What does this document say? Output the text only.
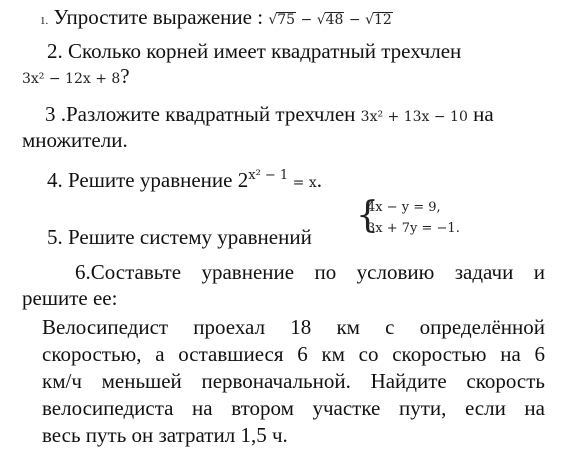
1. Упростите выражение : √75 − √48 − √12
2. Сколько корней имеет квадратный трехчлен
3x² − 12x + 8?
3 .Разложите квадратный трехчлен 3x² + 13x − 10 на
множители.
4. Решите уравнение $2^{x^2 - 1} = x$.
5. Решите систему уравнений
{
4x − y = 9,
3x + 7y = −1.
6.Составьте уравнение по условию задачи и
решите ее:
Велосипедист проехал 18 км с определённой
скоростью, а оставшиеся 6 км со скоростью на 6
км/ч меньшей первоначальной. Найдите скорость
велосипедиста на втором участке пути, если на
весь путь он затратил 1,5 ч.
